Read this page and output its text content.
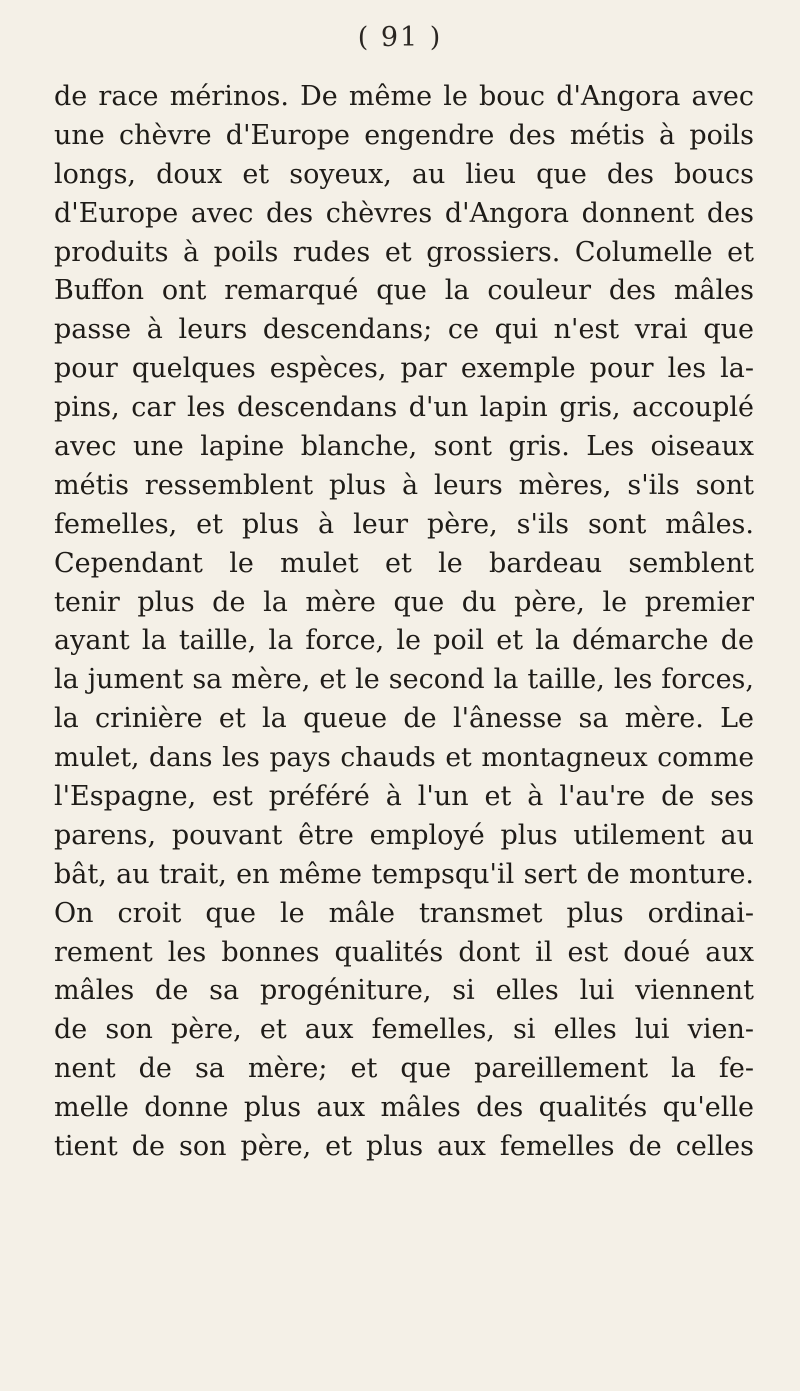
( 91 )
de race mérinos. De même le bouc d'Angora avec
une chèvre d'Europe engendre des métis à poils
longs, doux et soyeux, au lieu que des boucs
d'Europe avec des chèvres d'Angora donnent des
produits à poils rudes et grossiers. Columelle et
Buffon ont remarqué que la couleur des mâles
passe à leurs descendans; ce qui n'est vrai que
pour quelques espèces, par exemple pour les la-
pins, car les descendans d'un lapin gris, accouplé
avec une lapine blanche, sont gris. Les oiseaux
métis ressemblent plus à leurs mères, s'ils sont
femelles, et plus à leur père, s'ils sont mâles.
Cependant le mulet et le bardeau semblent
tenir plus de la mère que du père, le premier
ayant la taille, la force, le poil et la démarche de
la jument sa mère, et le second la taille, les forces,
la crinière et la queue de l'ânesse sa mère. Le
mulet, dans les pays chauds et montagneux comme
l'Espagne, est préféré à l'un et à l'au're de ses
parens, pouvant être employé plus utilement au
bât, au trait, en même tempsqu'il sert de monture.
On croit que le mâle transmet plus ordinai-
rement les bonnes qualités dont il est doué aux
mâles de sa progéniture, si elles lui viennent
de son père, et aux femelles, si elles lui vien-
nent de sa mère; et que pareillement la fe-
melle donne plus aux mâles des qualités qu'elle
tient de son père, et plus aux femelles de celles
